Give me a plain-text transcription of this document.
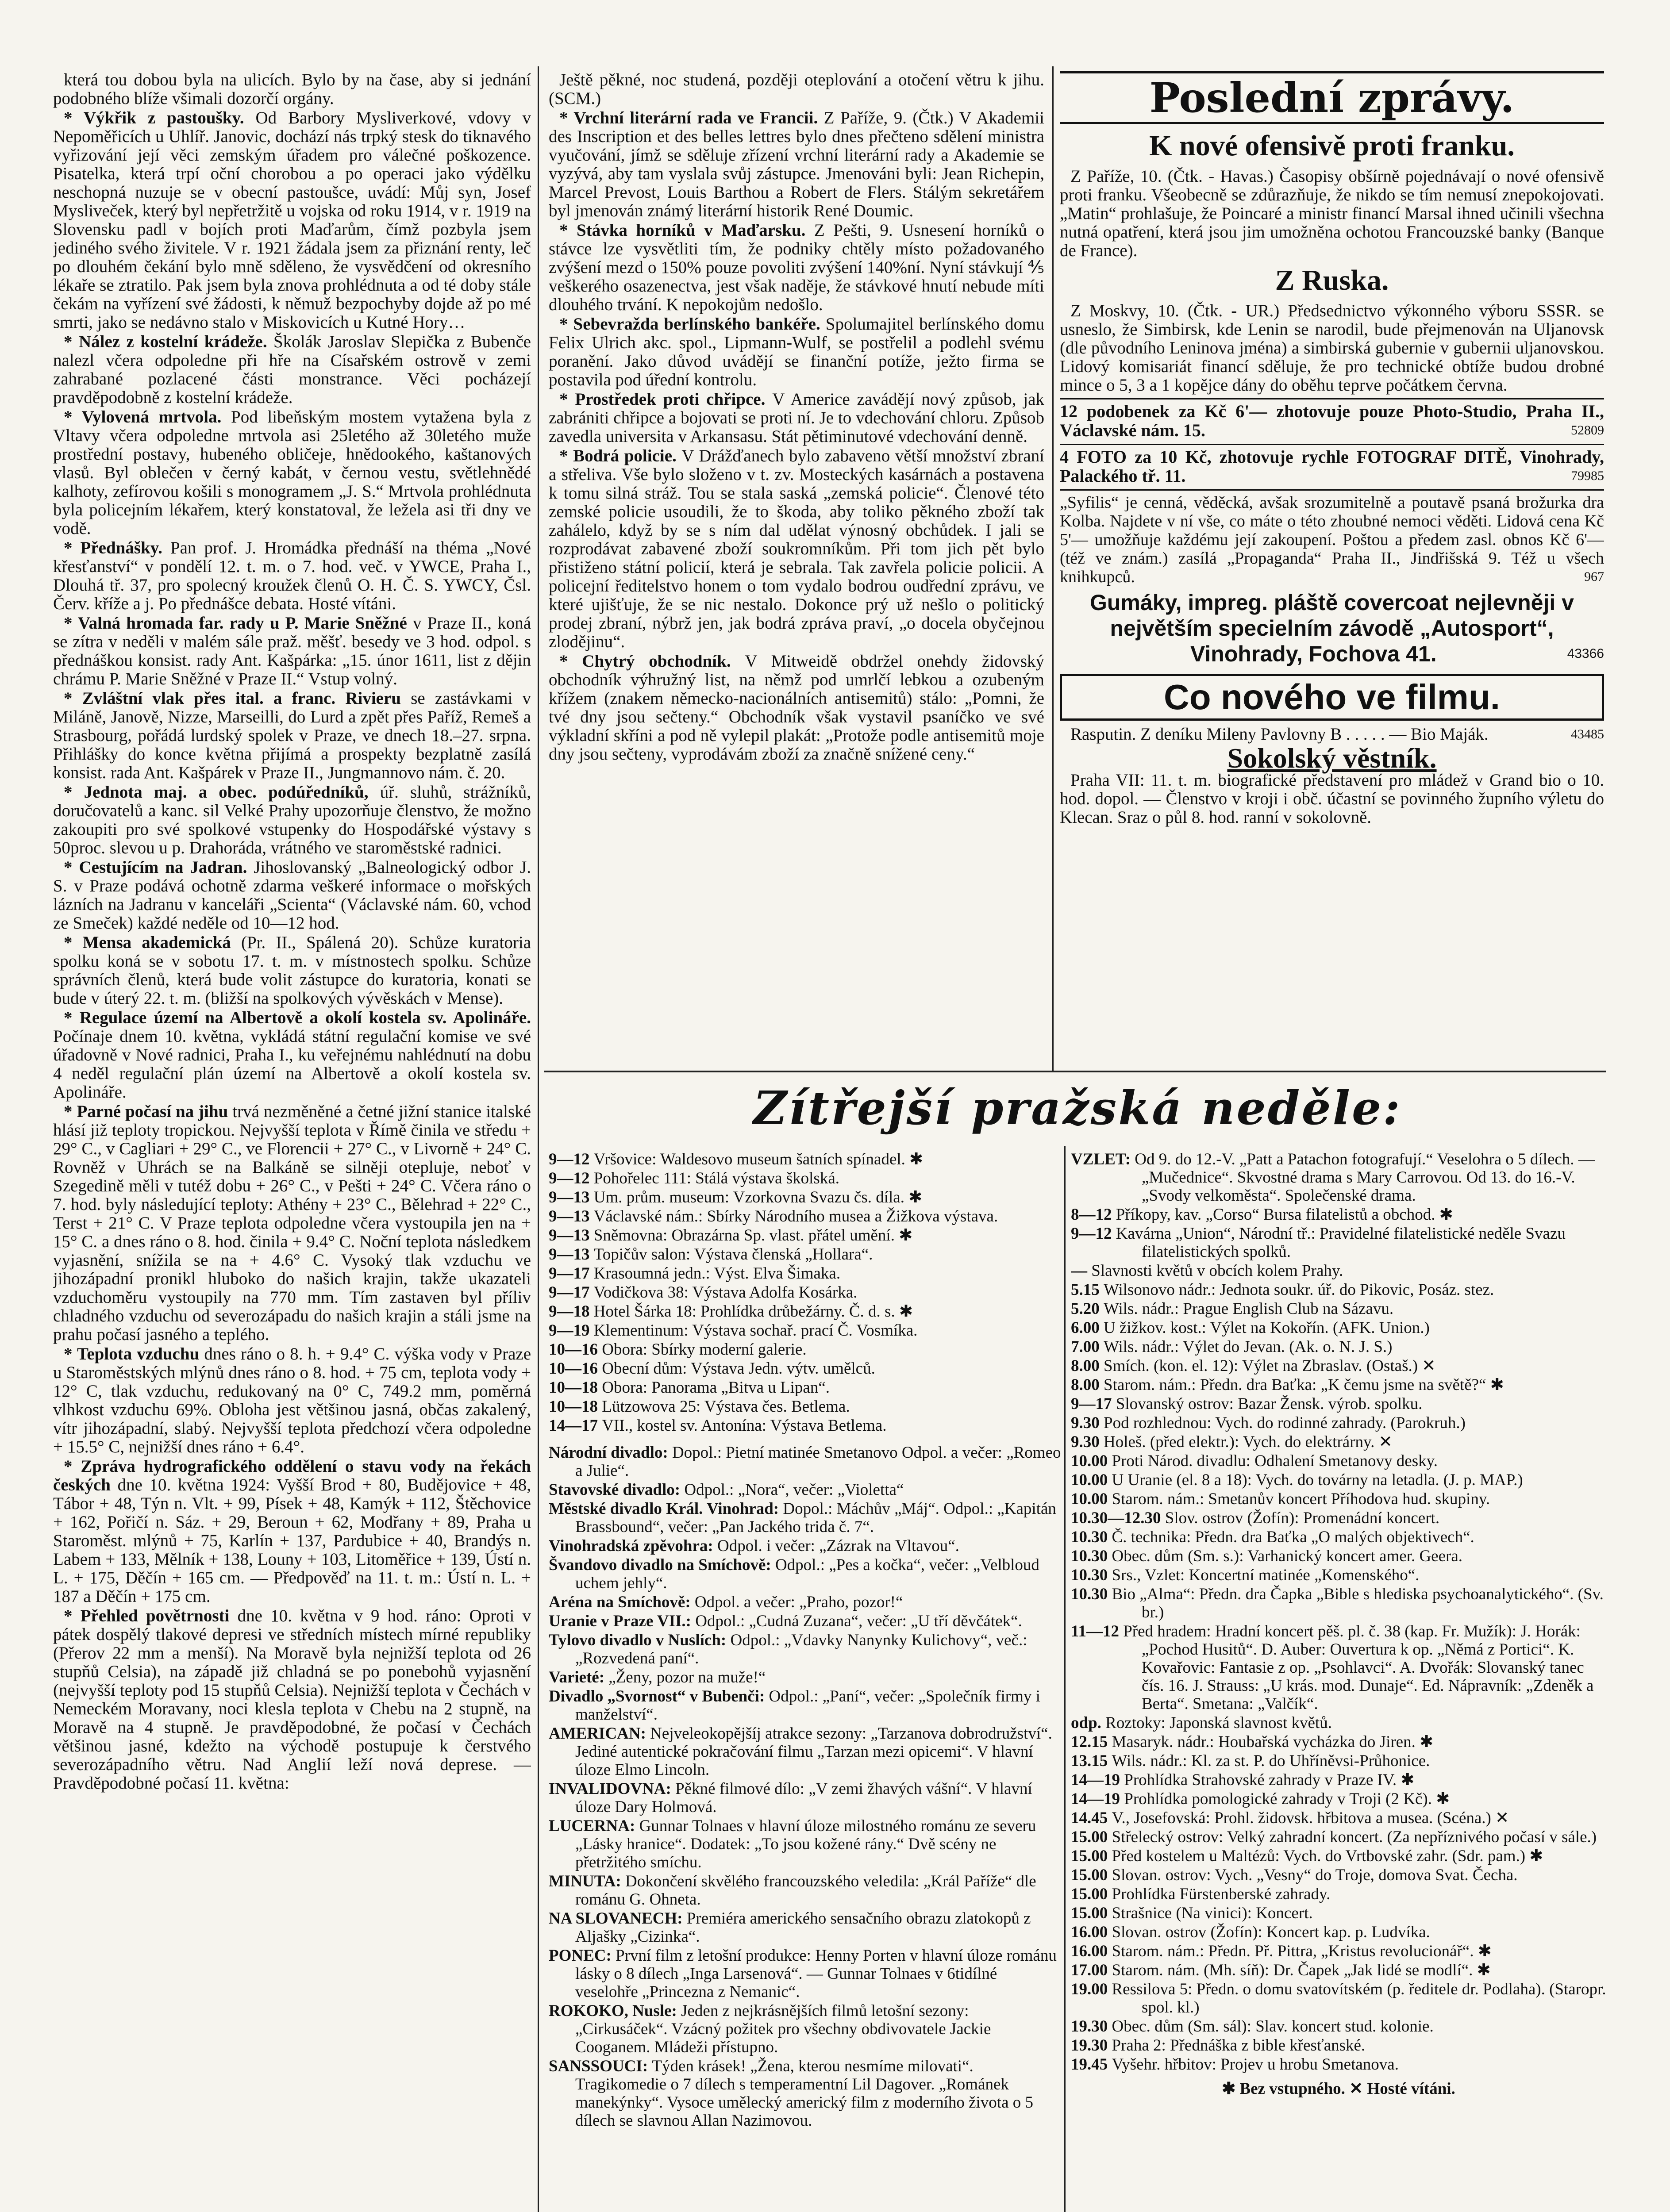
která tou dobou byla na ulicích. Bylo by na čase, aby si jednání podobného blíže všimali dozorčí orgány.

* Výkřik z pastoušky. Od Barbory Mysliverkové, vdovy v Nepoměřicích u Uhlíř. Janovic, dochází nás trpký stesk do tiknavého vyřizování její věci zemským úřadem pro válečné poškozence. Pisatelka, která trpí oční chorobou a po operaci jako výdělku neschopná nuzuje se v obecní pastoušce, uvádí: Můj syn, Josef Mysliveček, který byl nepřetržitě u vojska od roku 1914, v r. 1919 na Slovensku padl v bojích proti Maďarům, čímž pozbyla jsem jediného svého živitele. V r. 1921 žádala jsem za přiznání renty, leč po dlouhém čekání bylo mně sděleno, že vysvědčení od okresního lékaře se ztratilo. Pak jsem byla znova prohlédnuta a od té doby stále čekám na vyřízení své žádosti, k němuž bezpochyby dojde až po mé smrti, jako se nedávno stalo v Miskovicích u Kutné Hory…

* Nález z kostelní krádeže. Školák Jaroslav Slepička z Bubenče nalezl včera odpoledne při hře na Císařském ostrově v zemi zahrabané pozlacené části monstrance. Věci pocházejí pravděpodobně z kostelní krádeže.

* Vylovená mrtvola. Pod libeňským mostem vytažena byla z Vltavy včera odpoledne mrtvola asi 25letého až 30letého muže prostřední postavy, hubeného obličeje, hnědookého, kaštanových vlasů. Byl oblečen v černý kabát, v černou vestu, světlehnědé kalhoty, zefírovou košili s monogramem „J. S.“ Mrtvola prohlédnuta byla policejním lékařem, který konstatoval, že ležela asi tři dny ve vodě.

* Přednášky. Pan prof. J. Hromádka přednáší na théma „Nové křesťanství“ v pondělí 12. t. m. o 7. hod. več. v YWCE, Praha I., Dlouhá tř. 37, pro spolecný kroužek členů O. H. Č. S. YWCY, Čsl. Červ. kříže a j. Po přednášce debata. Hosté vítáni.

* Valná hromada far. rady u P. Marie Sněžné v Praze II., koná se zítra v neděli v malém sále praž. měšť. besedy ve 3 hod. odpol. s přednáškou konsist. rady Ant. Kašpárka: „15. únor 1611, list z dějin chrámu P. Marie Sněžné v Praze II.“ Vstup volný.

* Zvláštní vlak přes ital. a franc. Rivieru se zastávkami v Miláně, Janově, Nizze, Marseilli, do Lurd a zpět přes Paříž, Remeš a Strasbourg, pořádá lurdský spolek v Praze, ve dnech 18.–27. srpna. Přihlášky do konce května přijímá a prospekty bezplatně zasílá konsist. rada Ant. Kašpárek v Praze II., Jungmannovo nám. č. 20.

* Jednota maj. a obec. podúředníků, úř. sluhů, strážníků, doručovatelů a kanc. sil Velké Prahy upozorňuje členstvo, že možno zakoupiti pro své spolkové vstupenky do Hospodářské výstavy s 50proc. slevou u p. Drahoráda, vrátného ve staroměstské radnici.

* Cestujícím na Jadran. Jihoslovanský „Balneologický odbor J. S. v Praze podává ochotně zdarma veškeré informace o mořských lázních na Jadranu v kanceláři „Scienta“ (Václavské nám. 60, vchod ze Smeček) každé neděle od 10—12 hod.

* Mensa akademická (Pr. II., Spálená 20). Schůze kuratoria spolku koná se v sobotu 17. t. m. v místnostech spolku. Schůze správních členů, která bude volit zástupce do kuratoria, konati se bude v úterý 22. t. m. (bližší na spolkových vývěskách v Mense).

* Regulace území na Albertově a okolí kostela sv. Apolináře. Počínaje dnem 10. května, vykládá státní regulační komise ve své úřadovně v Nové radnici, Praha I., ku veřejnému nahlédnutí na dobu 4 neděl regulační plán území na Albertově a okolí kostela sv. Apolináře.

* Parné počasí na jihu trvá nezměněné a četné jižní stanice italské hlásí již teploty tropickou. Nejvyšší teplota v Římě činila ve středu + 29° C., v Cagliari + 29° C., ve Florencii + 27° C., v Livorně + 24° C. Rovněž v Uhrách se na Balkáně se silněji otepluje, neboť v Szegedině měli v tutéž dobu + 26° C., v Pešti + 24° C. Včera ráno o 7. hod. byly následující teploty: Athény + 23° C., Bělehrad + 22° C., Terst + 21° C. V Praze teplota odpoledne včera vystoupila jen na + 15° C. a dnes ráno o 8. hod. činila + 9.4° C. Noční teplota následkem vyjasnění, snížila se na + 4.6° C. Vysoký tlak vzduchu ve jihozápadní pronikl hluboko do našich krajin, takže ukazateli vzduchoměru vystoupily na 770 mm. Tím zastaven byl příliv chladného vzduchu od severozápadu do našich krajin a stáli jsme na prahu počasí jasného a teplého.

* Teplota vzduchu dnes ráno o 8. h. + 9.4° C. výška vody v Praze u Staroměstských mlýnů dnes ráno o 8. hod. + 75 cm, teplota vody + 12° C, tlak vzduchu, redukovaný na 0° C, 749.2 mm, poměrná vlhkost vzduchu 69%. Obloha jest většinou jasná, občas zakalený, vítr jihozápadní, slabý. Nejvyšší teplota předchozí včera odpoledne + 15.5° C, nejnižší dnes ráno + 6.4°.

* Zpráva hydrografického oddělení o stavu vody na řekách českých dne 10. května 1924: Vyšší Brod + 80, Budějovice + 48, Tábor + 48, Týn n. Vlt. + 99, Písek + 48, Kamýk + 112, Štěchovice + 162, Pořičí n. Sáz. + 29, Beroun + 62, Modřany + 89, Praha u Staroměst. mlýnů + 75, Karlín + 137, Pardubice + 40, Brandýs n. Labem + 133, Mělník + 138, Louny + 103, Litoměřice + 139, Ústí n. L. + 175, Děčín + 165 cm. — Předpověď na 11. t. m.: Ústí n. L. + 187 a Děčín + 175 cm.

* Přehled povětrnosti dne 10. května v 9 hod. ráno: Oproti v pátek dospělý tlakové depresi ve středních místech mírné republiky (Přerov 22 mm a menší). Na Moravě byla nejnižší teplota od 26 stupňů Celsia), na západě již chladná se po ponebohů vyjasnění (nejvyšší teploty pod 15 stupňů Celsia). Nejnižší teplota v Čechách v Nemeckém Moravany, noci klesla teplota v Chebu na 2 stupně, na Moravě na 4 stupně. Je pravděpodobné, že počasí v Čechách většinou jasné, kdežto na východě postupuje k čerstvého severozápadního větru. Nad Anglií leží nová deprese. — Pravděpodobné počasí 11. května:

Ještě pěkné, noc studená, později oteplování a otočení větru k jihu. (SCM.)

* Vrchní literární rada ve Francii. Z Paříže, 9. (Čtk.) V Akademii des Inscription et des belles lettres bylo dnes přečteno sdělení ministra vyučování, jímž se sděluje zřízení vrchní literární rady a Akademie se vyzývá, aby tam vyslala svůj zástupce. Jmenováni byli: Jean Richepin, Marcel Prevost, Louis Barthou a Robert de Flers. Stálým sekretářem byl jmenován známý literární historik René Doumic.

* Stávka horníků v Maďarsku. Z Pešti, 9. Usnesení horníků o stávce lze vysvětliti tím, že podniky chtěly místo požadovaného zvýšení mezd o 150% pouze povoliti zvýšení 140%ní. Nyní stávkují ⅘ veškerého osazenectva, jest však naděje, že stávkové hnutí nebude míti dlouhého trvání. K nepokojům nedošlo.

* Sebevražda berlínského bankéře. Spolumajitel berlínského domu Felix Ulrich akc. spol., Lipmann-Wulf, se postřelil a podlehl svému poranění. Jako důvod uvádějí se finanční potíže, ježto firma se postavila pod úřední kontrolu.

* Prostředek proti chřipce. V Americe zavádějí nový způsob, jak zabrániti chřipce a bojovati se proti ní. Je to vdechování chloru. Způsob zavedla universita v Arkansasu. Stát pětiminutové vdechování denně.

* Bodrá policie. V Drážďanech bylo zabaveno větší množství zbraní a střeliva. Vše bylo složeno v t. zv. Mosteckých kasárnách a postavena k tomu silná stráž. Tou se stala saská „zemská policie“. Členové této zemské policie usoudili, že to škoda, aby toliko pěkného zboží tak zahálelo, když by se s ním dal udělat výnosný obchůdek. I jali se rozprodávat zabavené zboží soukromníkům. Při tom jich pět bylo přistiženo státní policií, která je sebrala. Tak zavřela policie policii. A policejní ředitelstvo honem o tom vydalo bodrou oudřední zprávu, ve které ujišťuje, že se nic nestalo. Dokonce prý už nešlo o politický prodej zbraní, nýbrž jen, jak bodrá zpráva praví, „o docela obyčejnou zlodějinu“.

* Chytrý obchodník. V Mitweidě obdržel onehdy židovský obchodník výhružný list, na němž pod umrlčí lebkou a ozubeným křížem (znakem německo-nacionálních antisemitů) stálo: „Pomni, že tvé dny jsou sečteny.“ Obchodník však vystavil psaníčko ve své výkladní skříni a pod ně vylepil plakát: „Protože podle antisemitů moje dny jsou sečteny, vyprodávám zboží za značně snížené ceny.“

Poslední zprávy.
K nové ofensivě proti franku.

Z Paříže, 10. (Čtk. - Havas.) Časopisy obšírně pojednávají o nové ofensivě proti franku. Všeobecně se zdůrazňuje, že nikdo se tím nemusí znepokojovati. „Matin“ prohlašuje, že Poincaré a ministr financí Marsal ihned učinili všechna nutná opatření, která jsou jim umožněna ochotou Francouzské banky (Banque de France).

Z Ruska.

Z Moskvy, 10. (Čtk. - UR.) Předsednictvo výkonného výboru SSSR. se usneslo, že Simbirsk, kde Lenin se narodil, bude přejmenován na Uljanovsk (dle původního Leninova jména) a simbirská gubernie v gubernii uljanovskou. Lidový komisariát financí sděluje, že pro technické obtíže budou drobné mince o 5, 3 a 1 kopějce dány do oběhu teprve počátkem června.

12 podobenek za Kč 6'— zhotovuje pouze Photo-Studio, Praha II., Václavské nám. 15.	52809
4 FOTO za 10 Kč, zhotovuje rychle FOTOGRAF DITĚ, Vinohrady, Palackého tř. 11.	79985
„Syfilis“ je cenná, věděcká, avšak srozumitelně a poutavě psaná brožurka dra Kolba. Najdete v ní vše, co máte o této zhoubné nemoci věděti. Lidová cena Kč 5'— umožňuje každému její zakoupení. Poštou a předem zasl. obnos Kč 6'— (též ve znám.) zasílá „Propaganda“ Praha II., Jindřišská 9. Též u všech knihkupců.	967
Gumáky, impreg. pláště covercoat nejlevněji v největším specielním závodě „Autosport“, Vinohrady, Fochova 41.	43366
Co nového ve filmu.

Rasputin. Z deníku Mileny Pavlovny B . . . . . — Bio Maják.	43485

Sokolský věstník.

Praha VII: 11. t. m. biografické představení pro mládež v Grand bio o 10. hod. dopol. — Členstvo v kroji i obč. účastní se povinného župního výletu do Klecan. Sraz o půl 8. hod. ranní v sokolovně.

Zítřejší pražská neděle:
9—12 Vršovice: Waldesovo museum šatních spínadel. ✱
9—12 Pohořelec 111: Stálá výstava školská.
9—13 Um. prům. museum: Vzorkovna Svazu čs. díla. ✱
9—13 Václavské nám.: Sbírky Národního musea a Žižkova výstava.
9—13 Sněmovna: Obrazárna Sp. vlast. přátel umění. ✱
9—13 Topičův salon: Výstava členská „Hollara“.
9—17 Krasoumná jedn.: Výst. Elva Šimaka.
9—17 Vodičkova 38: Výstava Adolfa Kosárka.
9—18 Hotel Šárka 18: Prohlídka drůbežárny. Č. d. s. ✱
9—19 Klementinum: Výstava sochař. prací Č. Vosmíka.
10—16 Obora: Sbírky moderní galerie.
10—16 Obecní dům: Výstava Jedn. výtv. umělců.
10—18 Obora: Panorama „Bitva u Lipan“.
10—18 Lützowova 25: Výstava čes. Betlema.
14—17 VII., kostel sv. Antonína: Výstava Betlema.
Národní divadlo: Dopol.: Pietní matinée Smetanovo Odpol. a večer: „Romeo a Julie“.
Stavovské divadlo: Odpol.: „Nora“, večer: „Violetta“
Městské divadlo Král. Vinohrad: Dopol.: Máchův „Máj“. Odpol.: „Kapitán Brassbound“, večer: „Pan Jackého trida č. 7“.
Vinohradská zpěvohra: Odpol. i večer: „Zázrak na Vltavou“.
Švandovo divadlo na Smíchově: Odpol.: „Pes a kočka“, večer: „Velbloud uchem jehly“.
Aréna na Smíchově: Odpol. a večer: „Praho, pozor!“
Uranie v Praze VII.: Odpol.: „Cudná Zuzana“, večer: „U tří děvčátek“.
Tylovo divadlo v Nuslích: Odpol.: „Vdavky Nanynky Kulichovy“, več.: „Rozvedená paní“.
Varieté: „Ženy, pozor na muže!“
Divadlo „Svornost“ v Bubenči: Odpol.: „Paní“, večer: „Společník firmy i manželství“.
AMERICAN: Nejveleokopějšíj atrakce sezony: „Tarzanova dobrodružství“. Jediné autentické pokračování filmu „Tarzan mezi opicemi“. V hlavní úloze Elmo Lincoln.
INVALIDOVNA: Pěkné filmové dílo: „V zemi žhavých vášní“. V hlavní úloze Dary Holmová.
LUCERNA: Gunnar Tolnaes v hlavní úloze milostného románu ze severu „Lásky hranice“. Dodatek: „To jsou kožené rány.“ Dvě scény ne přetržitého smíchu.
MINUTA: Dokončení skvělého francouzského veledila: „Král Paříže“ dle románu G. Ohneta.
NA SLOVANECH: Premiéra amerického sensačního obrazu zlatokopů z Aljašky „Cizinka“.
PONEC: První film z letošní produkce: Henny Porten v hlavní úloze románu lásky o 8 dílech „Inga Larsenová“. — Gunnar Tolnaes v 6tidílné veselohře „Princezna z Nemanic“.
ROKOKO, Nusle: Jeden z nejkrásnějších filmů letošní sezony: „Cirkusáček“. Vzácný požitek pro všechny obdivovatele Jackie Cooganem. Mládeži přístupno.
SANSSOUCI: Týden krásek! „Žena, kterou nesmíme milovati“. Tragikomedie o 7 dílech s temperamentní Lil Dagover. „Románek manekýnky“. Vysoce umělecký americký film z moderního života o 5 dílech se slavnou Allan Nazimovou.
VZLET: Od 9. do 12.-V. „Patt a Patachon fotografují.“ Veselohra o 5 dílech. — „Mučednice“. Skvostné drama s Mary Carrovou. Od 13. do 16.-V. „Svody velkoměsta“. Společenské drama.
8—12 Příkopy, kav. „Corso“ Bursa filatelistů a obchod. ✱
9—12 Kavárna „Union“, Národní tř.: Pravidelné filatelistické neděle Svazu filatelistických spolků.
— Slavnosti květů v obcích kolem Prahy.
5.15 Wilsonovo nádr.: Jednota soukr. úř. do Pikovic, Posáz. stez.
5.20 Wils. nádr.: Prague English Club na Sázavu.
6.00 U žižkov. kost.: Výlet na Kokořín. (AFK. Union.)
7.00 Wils. nádr.: Výlet do Jevan. (Ak. o. N. J. S.)
8.00 Smích. (kon. el. 12): Výlet na Zbraslav. (Ostaš.) ✕
8.00 Starom. nám.: Předn. dra Baťka: „K čemu jsme na světě?“ ✱
9—17 Slovanský ostrov: Bazar Žensk. výrob. spolku.
9.30 Pod rozhlednou: Vych. do rodinné zahrady. (Parokruh.)
9.30 Holeš. (před elektr.): Vych. do elektrárny. ✕
10.00 Proti Národ. divadlu: Odhalení Smetanovy desky.
10.00 U Uranie (el. 8 a 18): Vych. do továrny na letadla. (J. p. MAP.)
10.00 Starom. nám.: Smetanův koncert Příhodova hud. skupiny.
10.30—12.30 Slov. ostrov (Žofín): Promenádní koncert.
10.30 Č. technika: Předn. dra Baťka „O malých objektivech“.
10.30 Obec. dům (Sm. s.): Varhanický koncert amer. Geera.
10.30 Srs., Vzlet: Koncertní matinée „Komenského“.
10.30 Bio „Alma“: Předn. dra Čapka „Bible s hlediska psychoanalytického“. (Sv. br.)
11—12 Před hradem: Hradní koncert pěš. pl. č. 38 (kap. Fr. Mužík): J. Horák: „Pochod Husitů“. D. Auber: Ouvertura k op. „Němá z Portici“. K. Kovařovic: Fantasie z op. „Psohlavci“. A. Dvořák: Slovanský tanec čís. 16. J. Strauss: „U krás. mod. Dunaje“. Ed. Nápravník: „Zdeněk a Berta“. Smetana: „Valčík“.
odp. Roztoky: Japonská slavnost květů.
12.15 Masaryk. nádr.: Houbařská vycházka do Jiren. ✱
13.15 Wils. nádr.: Kl. za st. P. do Uhříněvsi-Průhonice.
14—19 Prohlídka Strahovské zahrady v Praze IV. ✱
14—19 Prohlídka pomologické zahrady v Troji (2 Kč). ✱
14.45 V., Josefovská: Prohl. židovsk. hřbitova a musea. (Scéna.) ✕
15.00 Střelecký ostrov: Velký zahradní koncert. (Za nepříznivého počasí v sále.)
15.00 Před kostelem u Maltézů: Vych. do Vrtbovské zahr. (Sdr. pam.) ✱
15.00 Slovan. ostrov: Vych. „Vesny“ do Troje, domova Svat. Čecha.
15.00 Prohlídka Fürstenberské zahrady.
15.00 Strašnice (Na vinici): Koncert.
16.00 Slovan. ostrov (Žofín): Koncert kap. p. Ludvíka.
16.00 Starom. nám.: Předn. Př. Pittra, „Kristus revolucionář“. ✱
17.00 Starom. nám. (Mh. síň): Dr. Čapek „Jak lidé se modlí“. ✱
19.00 Ressilova 5: Předn. o domu svatovítském (p. ředitele dr. Podlaha). (Staropr. spol. kl.)
19.30 Obec. dům (Sm. sál): Slav. koncert stud. kolonie.
19.30 Praha 2: Přednáška z bible křesťanské.
19.45 Vyšehr. hřbitov: Projev u hrobu Smetanova.
✱ Bez vstupného. ✕ Hosté vítáni.
